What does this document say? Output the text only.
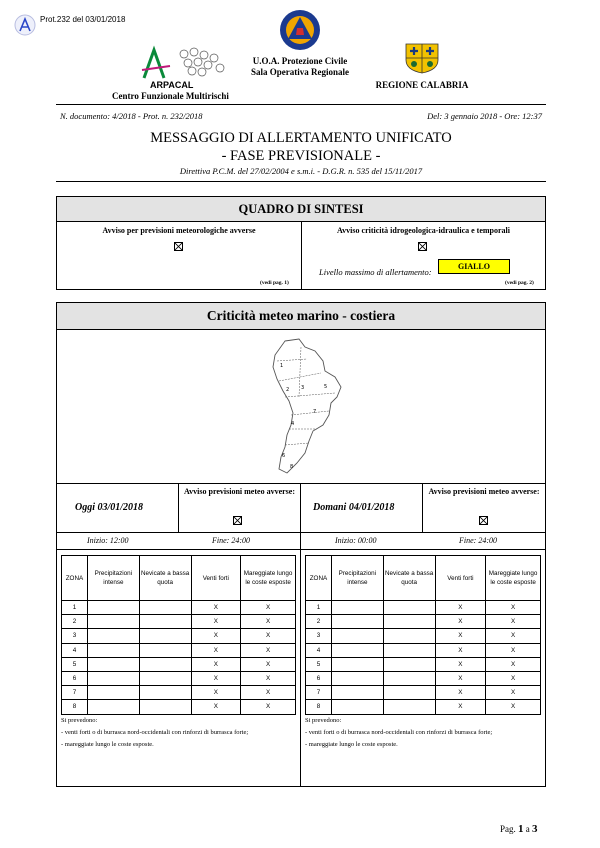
Prot.232 del 03/01/2018
ARPACAL
Centro Funzionale Multirischi
U.O.A. Protezione Civile
Sala Operativa Regionale
REGIONE CALABRIA
N. documento: 4/2018 - Prot. n. 232/2018	Del: 3 gennaio 2018 - Ore: 12:37
MESSAGGIO DI ALLERTAMENTO UNIFICATO
- FASE PREVISIONALE -
Direttiva P.C.M. del 27/02/2004 e s.m.i. - D.G.R. n. 535 del 15/11/2017
QUADRO DI SINTESI
Avviso per previsioni meteorologiche avverse
(vedi pag. 1)
Avviso criticità idrogeologica-idraulica e temporali
Livello massimo di allertamento:
GIALLO
(vedi pag. 2)
Criticità meteo marino - costiera
1
2 3
4
5
6
7
8
Oggi 03/01/2018
Avviso previsioni meteo avverse:
Inizio: 12:00	Fine: 24:00
ZONA	Precipitazioni intense	Nevicate a bassa quota	Venti forti	Mareggiate lungo le coste esposte
1			X	X
2			X	X
3			X	X
4			X	X
5			X	X
6			X	X
7			X	X
8			X	X
Si prevedono:
- venti forti o di burrasca nord-occidentali con rinforzi di burrasca forte;
- mareggiate lungo le coste esposte.
Domani 04/01/2018
Avviso previsioni meteo avverse:
Inizio: 00:00	Fine: 24:00
ZONA	Precipitazioni intense	Nevicate a bassa quota	Venti forti	Mareggiate lungo le coste esposte
1			X	X
2			X	X
3			X	X
4			X	X
5			X	X
6			X	X
7			X	X
8			X	X
Si prevedono:
- venti forti o di burrasca nord-occidentali con rinforzi di burrasca forte;
- mareggiate lungo le coste esposte.
Pag. 1 a 3
